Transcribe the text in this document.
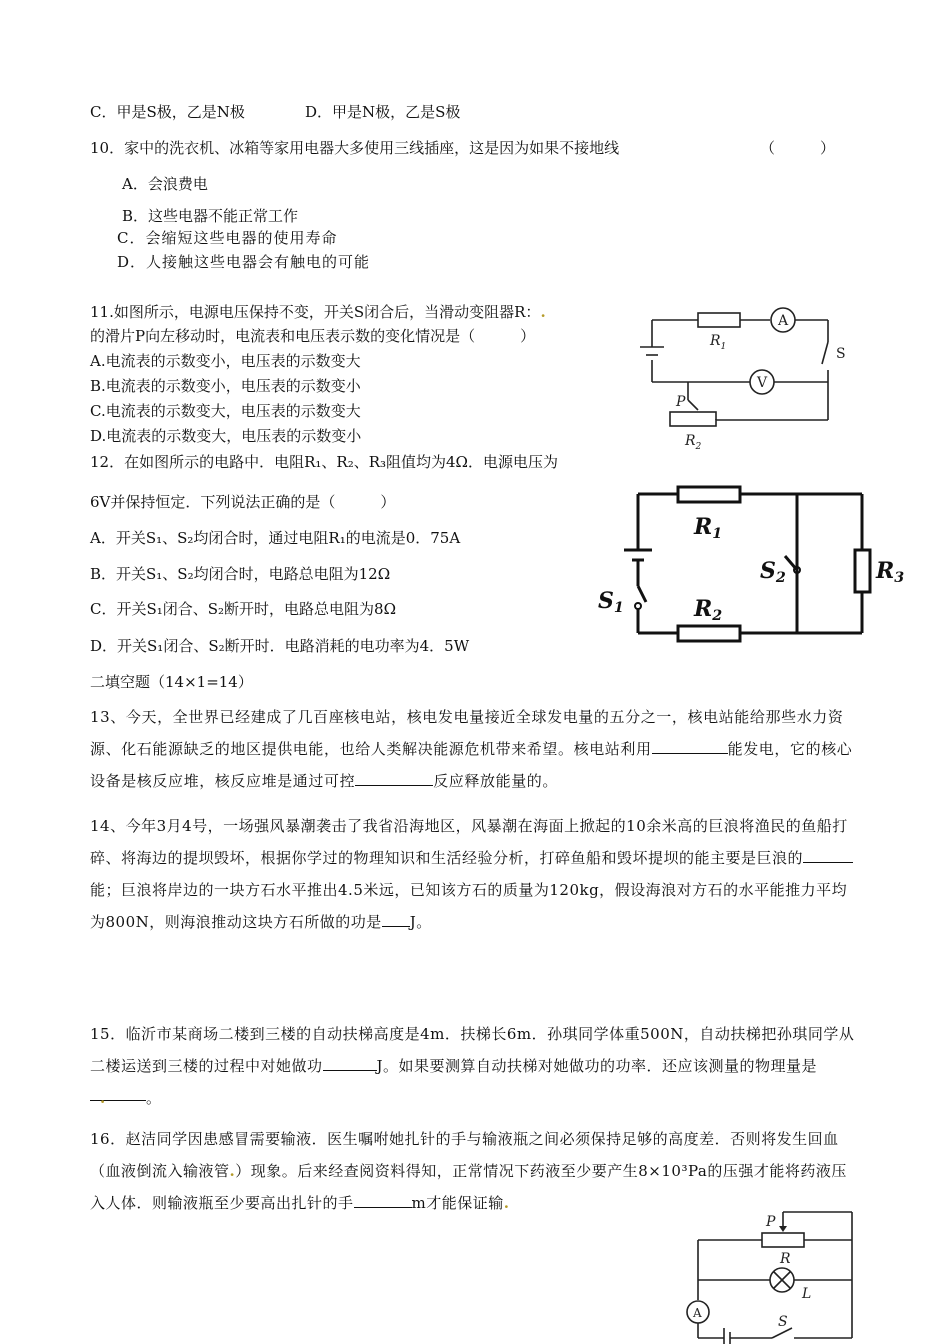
C．甲是S极，乙是N极	D．甲是N极，乙是S极
10．家中的洗衣机、冰箱等家用电器大多使用三线插座，这是因为如果不接地线	（　　　）
A．会浪费电
B．这些电器不能正常工作
C．会缩短这些电器的使用寿命
D．人接触这些电器会有触电的可能
11.如图所示，电源电压保持不变，开关S闭合后，当滑动变阻器R：.
的滑片P向左移动时，电流表和电压表示数的变化情况是（　　　）
A.电流表的示数变小，电压表的示数变大
B.电流表的示数变小，电压表的示数变小
C.电流表的示数变大，电压表的示数变大
D.电流表的示数变大，电压表的示数变小
A
V
$R_1$
$R_2$
P
S
12．在如图所示的电路中．电阻R₁、R₂、R₃阻值均为4Ω．电源电压为
6V并保持恒定．下列说法正确的是（　　　）
A．开关S₁、S₂均闭合时，通过电阻R₁的电流是0．75A
B．开关S₁、S₂均闭合时，电路总电阻为12Ω
C．开关S₁闭合、S₂断开时，电路总电阻为8Ω
D．开关S₁闭合、S₂断开时．电路消耗的电功率为4．5W
R1
R2
R3
S2
S1
二填空题（14×1=14）
13、今天，全世界已经建成了几百座核电站，核电发电量接近全球发电量的五分之一，核电站能给那些水力资源、化石能源缺乏的地区提供电能，也给人类解决能源危机带来希望。核电站利用	能发电，它的核心设备是核反应堆，核反应堆是通过可控	反应释放能量的。
14、今年3月4号，一场强风暴潮袭击了我省沿海地区，风暴潮在海面上掀起的10余米高的巨浪将渔民的鱼船打碎、将海边的提坝毁坏，根据你学过的物理知识和生活经验分析，打碎鱼船和毁坏提坝的能主要是巨浪的能；巨浪将岸边的一块方石水平推出4.5米远，已知该方石的质量为120kg，假设海浪对方石的水平能推力平均为800N，则海浪推动这块方石所做的功是 J。
15．临沂市某商场二楼到三楼的自动扶梯高度是4m．扶梯长6m．孙琪同学体重500N，自动扶梯把孙琪同学从二楼运送到三楼的过程中对她做功	J。如果要测算自动扶梯对她做功的功率．还应该测量的物理量是.	。
16．赵洁同学因患感冒需要输液．医生嘱咐她扎针的手与输液瓶之间必须保持足够的高度差．否则将发生回血（血液倒流入输液管.）现象。后来经查阅资料得知，正常情况下药液至少要产生8×10³Pa的压强才能将药液压入人体．则输液瓶至少要高出扎针的手	m才能保证输.
P
R
L
S
A
